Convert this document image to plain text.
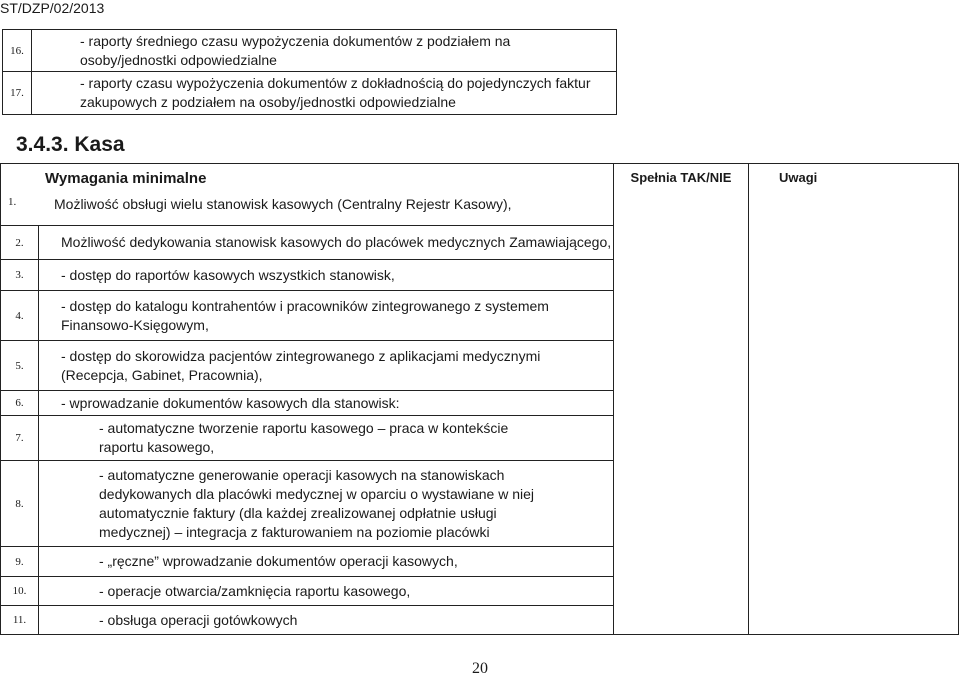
ST/DZP/02/2013
16.	- raporty średniego czasu wypożyczenia dokumentów z podziałem na osoby/jednostki odpowiedzialne
17.	- raporty czasu wypożyczenia dokumentów z dokładnością do pojedynczych faktur zakupowych z podziałem na osoby/jednostki odpowiedzialne
3.4.3. Kasa
Wymagania minimalne
1. Możliwość obsługi wielu stanowisk kasowych (Centralny Rejestr Kasowy),		Spełnia TAK/NIE	Uwagi
2.	Możliwość dedykowania stanowisk kasowych do placówek medycznych Zamawiającego,		
3.	- dostęp do raportów kasowych wszystkich stanowisk,		
4.	- dostęp do katalogu kontrahentów i pracowników zintegrowanego z systemem Finansowo-Księgowym,		
5.	- dostęp do skorowidza pacjentów zintegrowanego z aplikacjami medycznymi (Recepcja, Gabinet, Pracownia),		
6.	- wprowadzanie dokumentów kasowych dla stanowisk:		
7.	- automatyczne tworzenie raportu kasowego – praca w kontekście raportu kasowego,		
8.	- automatyczne generowanie operacji kasowych na stanowiskach dedykowanych dla placówki medycznej w oparciu o wystawiane w niej automatycznie faktury (dla każdej zrealizowanej odpłatnie usługi medycznej) – integracja z fakturowaniem na poziomie placówki		
9.	- „ręczne” wprowadzanie dokumentów operacji kasowych,		
10.	- operacje otwarcia/zamknięcia raportu kasowego,		
11.	- obsługa operacji gotówkowych		
20
